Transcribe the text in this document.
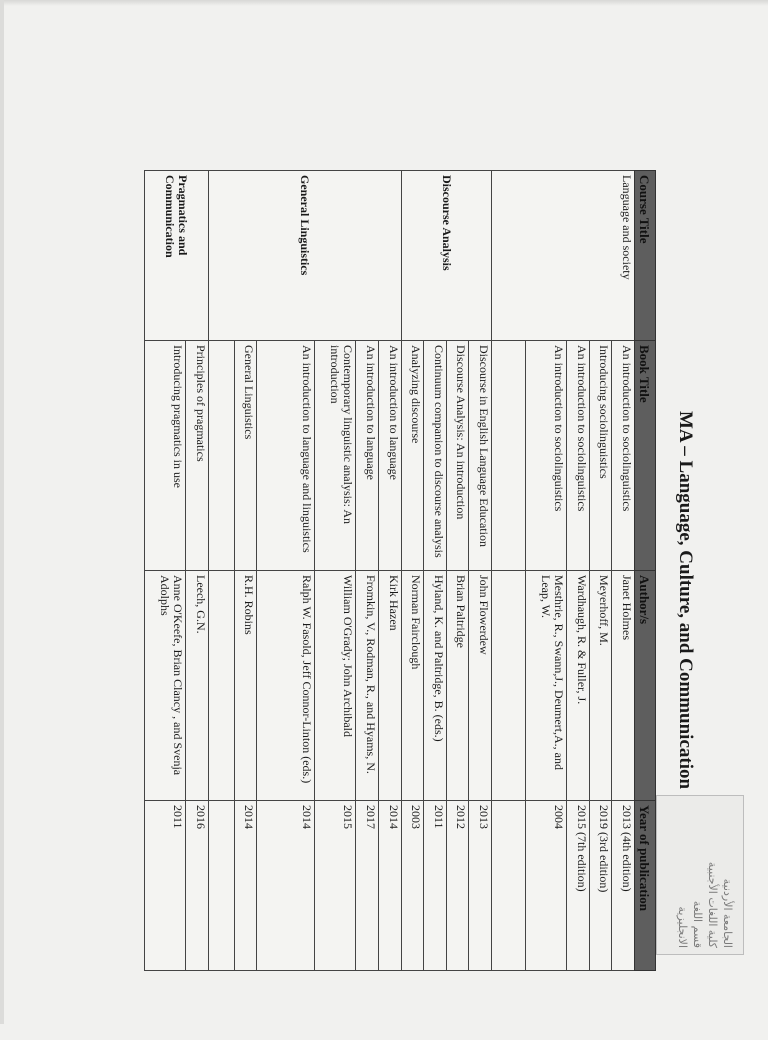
MA – Language, Culture, and Communication
Course Title	Book Title	Author/s	Year of publication
Language and society	An introduction to sociolinguistics	Janet Holmes	2013 (4th edition)
	Introducing sociolinguistics	Meyerhoff, M.	2019 (3rd edition)
	An introduction to sociolinguistics	Wardhaugh, R. & Fuller, J.	2015 (7th edition)
	An introduction to sociolinguistics	Mesthrie, R., Swann,J., Deumert,A., and Leap, W.	2004

Discourse Analysis	Discourse in English Language Education	John Flowerdew	2013
	Discourse Analysis: An introduction	Brian Paltridge	2012
	Continuum companion to discourse analysis	Hyland, K. and Paltridge, B. (eds.)	2011
	Analyzing discourse	Norman Fairclough	2003
General Linguistics	An introduction to language	Kirk Hazen	2014
	An introduction to language	Fromkin, V., Rodman, R., and Hyams, N.	2017
	Contemporary linguistic analysis: An introduction	William O'Grady; John Archibald	2015
	An introduction to language and linguistics	Ralph W. Fasold, Jeff Connor-Linton (eds.)	2014
	General Linguistics	R.H. Robins	2014

Pragmatics and Communication	Principles of pragmatics	Leech, G.N.	2016
	Introducing pragmatics in use	Anne O'Keefe, Brian Clancy , and Svenja Adolphs	2011
الجامعة الأردنية
كلية اللغات الأجنبية
قسم اللغة
الانجليزية
